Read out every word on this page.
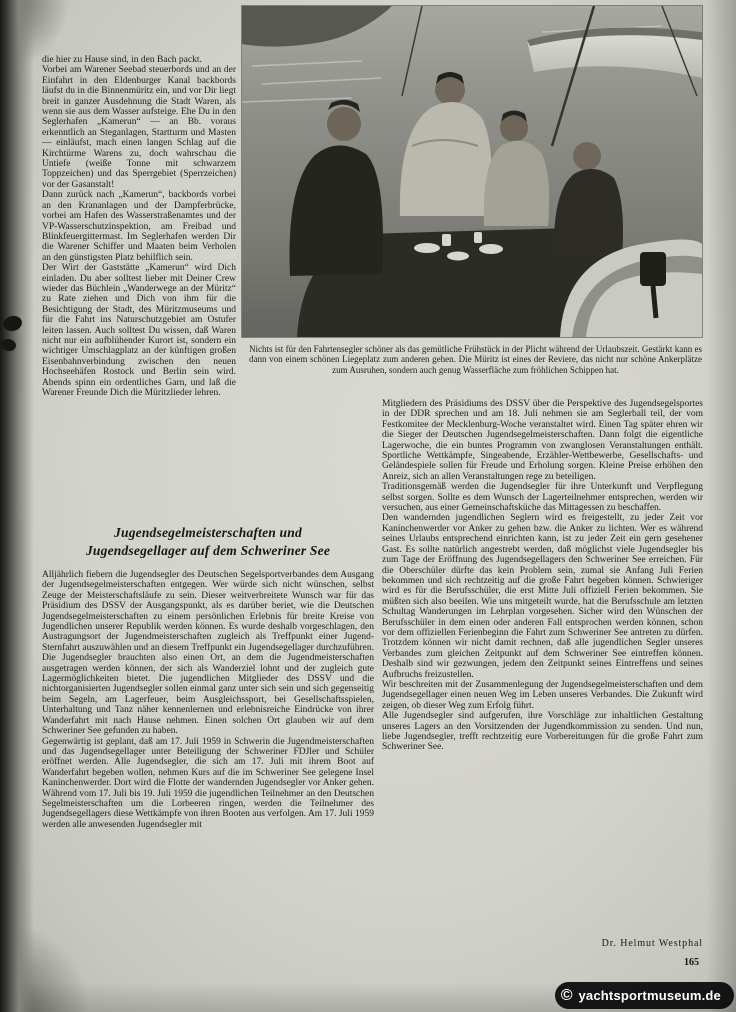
Nichts ist für den Fahrtensegler schöner als das gemütliche Frühstück in der Plicht während der Urlaubszeit. Gestärkt kann es dann von einem schönen Liegeplatz zum anderen gehen. Die Müritz ist eines der Reviere, das nicht nur schöne Ankerplätze zum Ausruhen, sondern auch genug Wasserfläche zum fröhlichen Schippen hat.

die hier zu Hause sind, in den Bach packt.

Vorbei am Warener Seebad steuerbords und an der Einfahrt in den Eldenburger Kanal backbords läufst du in die Binnenmüritz ein, und vor Dir liegt breit in ganzer Ausdehnung die Stadt Waren, als wenn sie aus dem Wasser aufsteige. Ehe Du in den Seglerhafen „Kamerun“ — an Bb. voraus erkenntlich an Steganlagen, Startturm und Masten — einläufst, mach einen langen Schlag auf die Kirchtürme Warens zu, doch wahrschau die Untiefe (weiße Tonne mit schwarzem Toppzeichen) und das Sperrgebiet (Sperrzeichen) vor der Gasanstalt!

Dann zurück nach „Kamerun“, backbords vorbei an den Krananlagen und der Dampferbrücke, vorbei am Hafen des Wasserstraßenamtes und der VP-Wasserschutzinspektion, am Freibad und Blinkfeuergittermast. Im Seglerhafen werden Dir die Warener Schiffer und Maaten beim Verholen an den günstigsten Platz behilflich sein.

Der Wirt der Gaststätte „Kamerun“ wird Dich einladen. Du aber solltest lieber mit Deiner Crew wieder das Büchlein „Wanderwege an der Müritz“ zu Rate ziehen und Dich von ihm für die Besichtigung der Stadt, des Müritzmuseums und für die Fahrt ins Naturschutzgebiet am Ostufer leiten lassen. Auch solltest Du wissen, daß Waren nicht nur ein aufblühender Kurort ist, sondern ein wichtiger Umschlagplatz an der künftigen großen Eisenbahnverbindung zwischen den neuen Hochseehäfen Rostock und Berlin sein wird. Abends spinn ein ordentliches Garn, und laß die Warener Freunde Dich die Müritzlieder lehren.

Jugendsegelmeisterschaften und
Jugendsegellager auf dem Schweriner See

Alljährlich fiebern die Jugendsegler des Deutschen Segelsportverbandes dem Ausgang der Jugendsegelmeisterschaften entgegen. Wer würde sich nicht wünschen, selbst Zeuge der Meisterschaftsläufe zu sein. Dieser weitverbreitete Wunsch war für das Präsidium des DSSV der Ausgangspunkt, als es darüber beriet, wie die Deutschen Jugendsegelmeisterschaften zu einem persönlichen Erlebnis für breite Kreise von Jugendlichen unserer Republik werden können. Es wurde deshalb vorgeschlagen, den Austragungsort der Jugendmeisterschaften zugleich als Treffpunkt einer Jugend-Sternfahrt auszuwählen und an diesem Treffpunkt ein Jugendsegellager durchzuführen. Die Jugendsegler brauchten also einen Ort, an dem die Jugendmeisterschaften ausgetragen werden können, der sich als Wanderziel lohnt und der zugleich gute Lagermöglichkeiten bietet. Die jugendlichen Mitglieder des DSSV und die nichtorganisierten Jugendsegler sollen einmal ganz unter sich sein und sich gegenseitig beim Segeln, am Lagerfeuer, beim Ausgleichssport, bei Gesellschaftsspielen, Unterhaltung und Tanz näher kennenlernen und erlebnisreiche Eindrücke von ihrer Wanderfahrt mit nach Hause nehmen. Einen solchen Ort glauben wir auf dem Schweriner See gefunden zu haben.

Gegenwärtig ist geplant, daß am 17. Juli 1959 in Schwerin die Jugendmeisterschaften und das Jugendsegellager unter Beteiligung der Schweriner FDJler und Schüler eröffnet werden. Alle Jugendsegler, die sich am 17. Juli mit ihrem Boot auf Wanderfahrt begeben wollen, nehmen Kurs auf die im Schweriner See gelegene Insel Kaninchenwerder. Dort wird die Flotte der wandernden Jugendsegler vor Anker gehen. Während vom 17. Juli bis 19. Juli 1959 die jugendlichen Teilnehmer an den Deutschen Segelmeisterschaften um die Lorbeeren ringen, werden die Teilnehmer des Jugendsegellagers diese Wettkämpfe von ihren Booten aus verfolgen. Am 17. Juli 1959 werden alle anwesenden Jugendsegler mit

Mitgliedern des Präsidiums des DSSV über die Perspektive des Jugendsegelsportes in der DDR sprechen und am 18. Juli nehmen sie am Seglerball teil, der vom Festkomitee der Mecklenburg-Woche veranstaltet wird. Einen Tag später ehren wir die Sieger der Deutschen Jugendsegelmeisterschaften. Dann folgt die eigentliche Lagerwoche, die ein buntes Programm von zwanglosen Veranstaltungen enthält. Sportliche Wettkämpfe, Singeabende, Erzähler-Wettbewerbe, Gesellschafts- und Geländespiele sollen für Freude und Erholung sorgen. Kleine Preise erhöhen den Anreiz, sich an allen Veranstaltungen rege zu beteiligen.

Traditionsgemäß werden die Jugendsegler für ihre Unterkunft und Verpflegung selbst sorgen. Sollte es dem Wunsch der Lagerteilnehmer entsprechen, werden wir versuchen, aus einer Gemeinschaftsküche das Mittagessen zu beschaffen.

Den wandernden jugendlichen Seglern wird es freigestellt, zu jeder Zeit vor Kaninchenwerder vor Anker zu gehen bzw. die Anker zu lichten. Wer es während seines Urlaubs entsprechend einrichten kann, ist zu jeder Zeit ein gern gesehener Gast. Es sollte natürlich angestrebt werden, daß möglichst viele Jugendsegler bis zum Tage der Eröffnung des Jugendsegellagers den Schweriner See erreichen. Für die Oberschüler dürfte das kein Problem sein, zumal sie Anfang Juli Ferien bekommen und sich rechtzeitig auf die große Fahrt begeben können. Schwieriger wird es für die Berufsschüler, die erst Mitte Juli offiziell Ferien bekommen. Sie müßten sich also beeilen. Wie uns mitgeteilt wurde, hat die Berufsschule am letzten Schultag Wanderungen im Lehrplan vorgesehen. Sicher wird den Wünschen der Berufsschüler in dem einen oder anderen Fall entsprochen werden können, schon vor dem offiziellen Ferienbeginn die Fahrt zum Schweriner See antreten zu dürfen. Trotzdem können wir nicht damit rechnen, daß alle jugendlichen Segler unseres Verbandes zum gleichen Zeitpunkt auf dem Schweriner See eintreffen können. Deshalb sind wir gezwungen, jedem den Zeitpunkt seines Eintreffens und seines Aufbruchs freizustellen.

Wir beschreiten mit der Zusammenlegung der Jugendsegelmeisterschaften und dem Jugendsegellager einen neuen Weg im Leben unseres Verbandes. Die Zukunft wird zeigen, ob dieser Weg zum Erfolg führt.

Alle Jugendsegler sind aufgerufen, ihre Vorschläge zur inhaltlichen Gestaltung unseres Lagers an den Vorsitzenden der Jugendkommission zu senden. Und nun, liebe Jugendsegler, trefft rechtzeitig eure Vorbereitungen für die große Fahrt zum Schweriner See.

Dr. Helmut Westphal
165
© yachtsportmuseum.de
